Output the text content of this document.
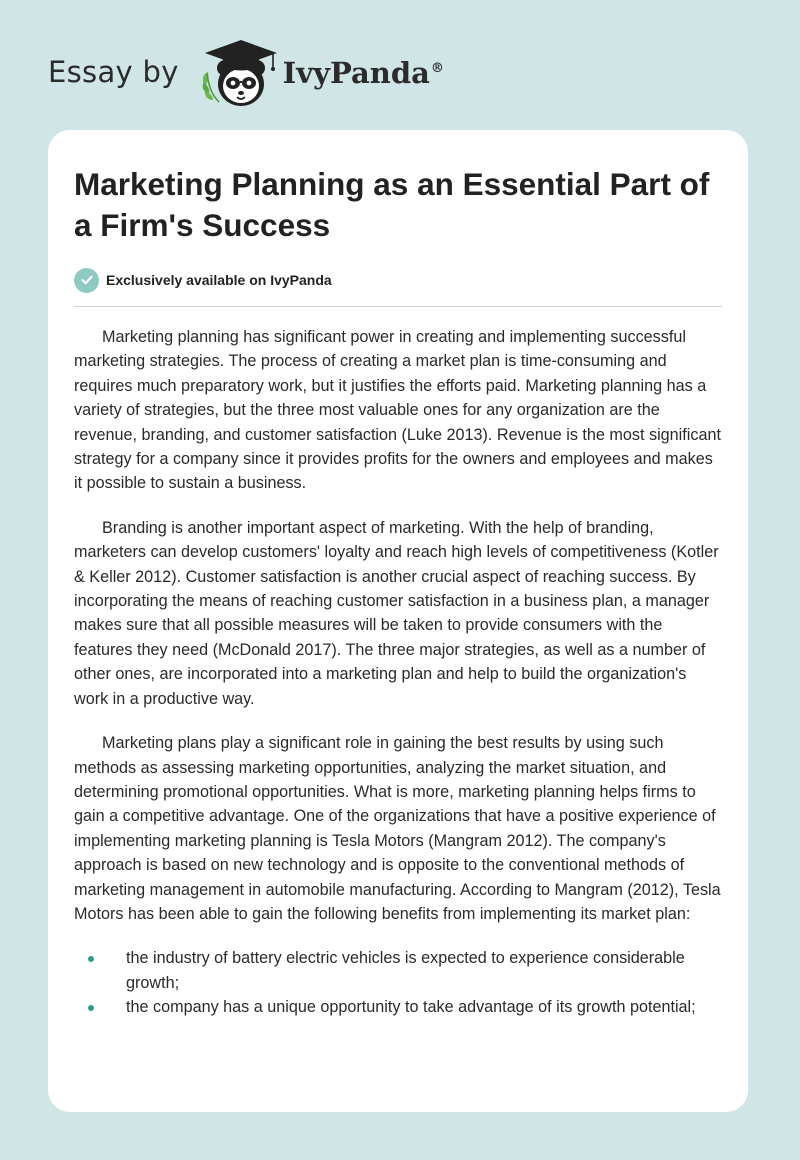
Essay by	IvyPanda®
Marketing Planning as an Essential Part of a Firm's Success
Exclusively available on IvyPanda

Marketing planning has significant power in creating and implementing successful marketing strategies. The process of creating a market plan is time-consuming and requires much preparatory work, but it justifies the efforts paid. Marketing planning has a variety of strategies, but the three most valuable ones for any organization are the revenue, branding, and customer satisfaction (Luke 2013). Revenue is the most significant strategy for a company since it provides profits for the owners and employees and makes it possible to sustain a business.

Branding is another important aspect of marketing. With the help of branding, marketers can develop customers' loyalty and reach high levels of competitiveness (Kotler & Keller 2012). Customer satisfaction is another crucial aspect of reaching success. By incorporating the means of reaching customer satisfaction in a business plan, a manager makes sure that all possible measures will be taken to provide consumers with the features they need (McDonald 2017). The three major strategies, as well as a number of other ones, are incorporated into a marketing plan and help to build the organization's work in a productive way.

Marketing plans play a significant role in gaining the best results by using such methods as assessing marketing opportunities, analyzing the market situation, and determining promotional opportunities. What is more, marketing planning helps firms to gain a competitive advantage. One of the organizations that have a positive experience of implementing marketing planning is Tesla Motors (Mangram 2012). The company's approach is based on new technology and is opposite to the conventional methods of marketing management in automobile manufacturing. According to Mangram (2012), Tesla Motors has been able to gain the following benefits from implementing its market plan:

the industry of battery electric vehicles is expected to experience considerable growth;
the company has a unique opportunity to take advantage of its growth potential;
